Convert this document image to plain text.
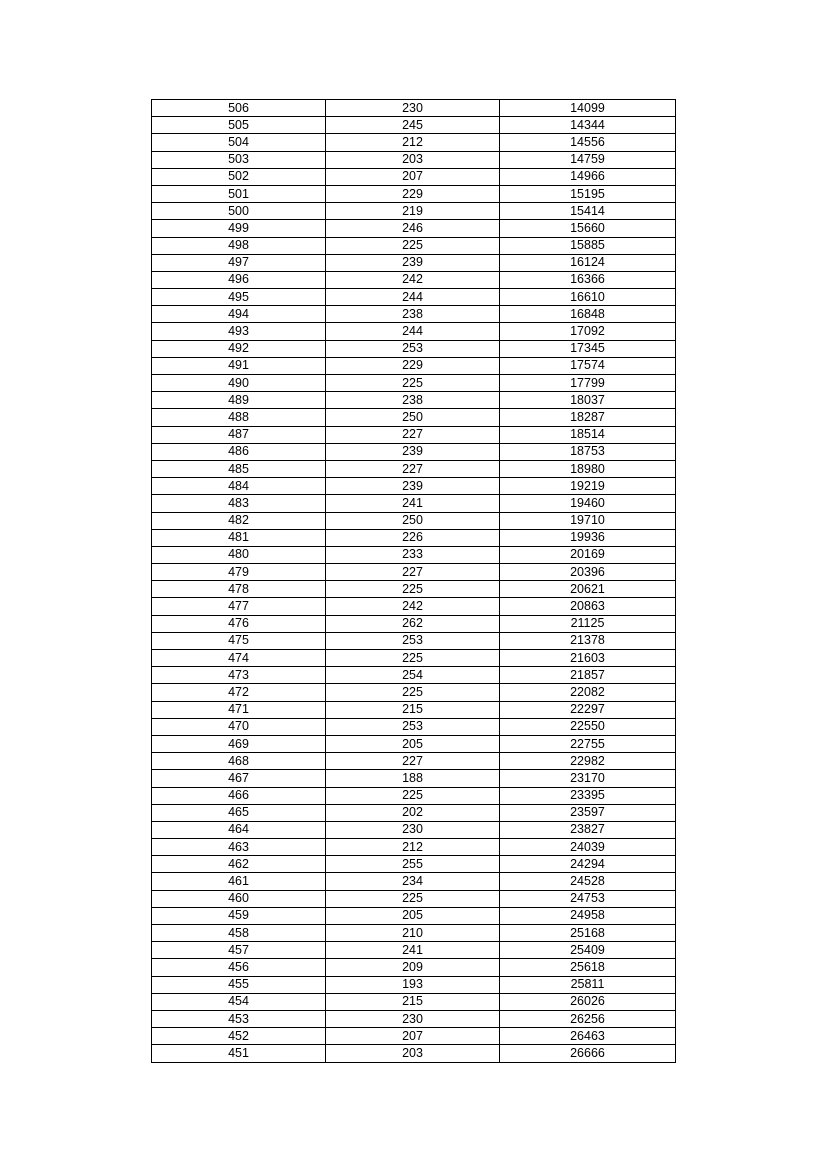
506	230	14099
505	245	14344
504	212	14556
503	203	14759
502	207	14966
501	229	15195
500	219	15414
499	246	15660
498	225	15885
497	239	16124
496	242	16366
495	244	16610
494	238	16848
493	244	17092
492	253	17345
491	229	17574
490	225	17799
489	238	18037
488	250	18287
487	227	18514
486	239	18753
485	227	18980
484	239	19219
483	241	19460
482	250	19710
481	226	19936
480	233	20169
479	227	20396
478	225	20621
477	242	20863
476	262	21125
475	253	21378
474	225	21603
473	254	21857
472	225	22082
471	215	22297
470	253	22550
469	205	22755
468	227	22982
467	188	23170
466	225	23395
465	202	23597
464	230	23827
463	212	24039
462	255	24294
461	234	24528
460	225	24753
459	205	24958
458	210	25168
457	241	25409
456	209	25618
455	193	25811
454	215	26026
453	230	26256
452	207	26463
451	203	26666
